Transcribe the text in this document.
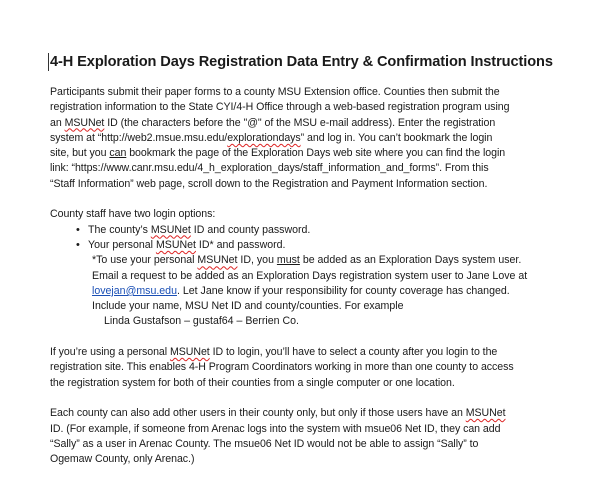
4-H Exploration Days Registration Data Entry & Confirmation Instructions
Participants submit their paper forms to a county MSU Extension office. Counties then submit the
registration information to the State CYI/4-H Office through a web-based registration program using
an MSUNet ID (the characters before the "@" of the MSU e-mail address). Enter the registration
system at “http://web2.msue.msu.edu/explorationdays” and log in. You can’t bookmark the login
site, but you can bookmark the page of the Exploration Days web site where you can find the login
link: “https://www.canr.msu.edu/4_h_exploration_days/staff_information_and_forms”. From this
“Staff Information” web page, scroll down to the Registration and Payment Information section.
County staff have two login options:
• The county’s MSUNet ID and county password.
• Your personal MSUNet ID* and password.
*To use your personal MSUNet ID, you must be added as an Exploration Days system user.
Email a request to be added as an Exploration Days registration system user to Jane Love at
lovejan@msu.edu. Let Jane know if your responsibility for county coverage has changed.
Include your name, MSU Net ID and county/counties. For example
Linda Gustafson – gustaf64 – Berrien Co.
If you’re using a personal MSUNet ID to login, you’ll have to select a county after you login to the
registration site. This enables 4-H Program Coordinators working in more than one county to access
the registration system for both of their counties from a single computer or one location.
Each county can also add other users in their county only, but only if those users have an MSUNet
ID. (For example, if someone from Arenac logs into the system with msue06 Net ID, they can add
“Sally” as a user in Arenac County. The msue06 Net ID would not be able to assign “Sally” to
Ogemaw County, only Arenac.)
